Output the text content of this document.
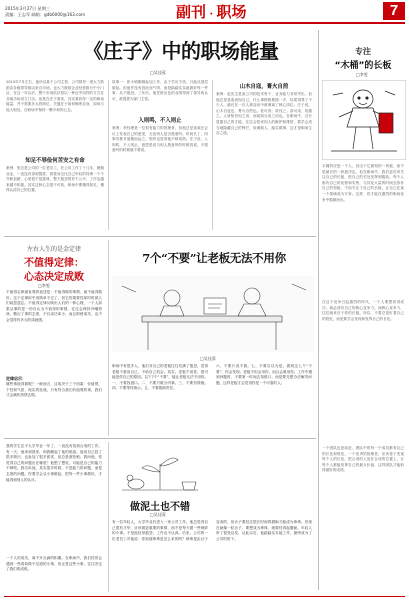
2015年3月27日 星期三
责编：王志军 邮箱：gdb6000@163.com	副刊 · 职场	7
《庄子》中的职场能量
□吴佳蓉
2015年7月左右，他所以某个公司主管，公司领导一度大力鼓励由各级领导都由来自市场，也大力鼓励企业经营推行中小门店，在这一年以后，整个市场依法将以一种近乎同样的方式在各地市场设立门店。但是在庄子看来，其实要获得一定的职场能量，并不需要多大的职位，关键在于如何修炼自身，如何与他人相处，在职场中保持一颗平和的心态。
知足不辱俭何苦安之有命
案例：张总是公司的一位老员工，在公司工作了十几年，兢兢业业，一直没有得到提拔，看着身边比自己年轻的同事一个个升职加薪，心里很不是滋味，整天抱怨领导不公平，工作也越来越不积极。其实这种心态很不可取，职场中要懂得知足，懂得认清自己的位置。
故事一：张小明刚刚参加工作，由于学历不高，只能从基层做起。但他并没有因此而气馁，而是踏踏实实地做好每一件事，从不抱怨。三年后，他凭借出色的业绩得到了领导的认可，被提拔为部门主管。
入则鸣，不入则止
案例：李经理是一位很有能力的管理者，但他总是喜欢在会议上发表自己的意见，无论别人是否愿意听。时间长了，同事们都对他敬而远之，领导也觉得他不够成熟。庄子说，入则鸣，不入则止，意思是说当别人愿意听的时候再说，不愿意听的时候就不要说。
山木自寇，膏火自煎
案例：赵先生是某公司的技术骨干，业务能力非常突出，但他总是喜欢表现自己，什么事情都要插一手，结果得罪了不少人，最后在一次人事变动中被调离了核心岗位。庄子说，山木自寇也，膏火自煎也。桂可食，故伐之；漆可用，故割之。人皆知有用之用，而莫知无用之用也。在职场中，过分显露自己的才能，往往会招来别人的嫉妒和排挤，要学会适当地隐藏自己的锋芒，低调做人，踏实做事，这才是职场生存之道。
专注
“木桶”的长板
□李雯
木桶效应是一个人，其由于它最短的一块板，而不是最长的一块板决定。但在职场中，我们更应该关注自己的长板，把自己的长处发挥到极致。每个人都有自己的优势和劣势，与其花大量的时间去弥补自己的短板，不如专注于自己的长板，让自己在某一个领域成为专家。这样，你才能在激烈的职场竞争中脱颖而出。
在这个竞争日趋激烈的时代，一个人要想获得成功，就必须有自己的核心竞争力。而核心竞争力，往往就来自于你的长板。所以，不要总是盯着自己的短处，而是要学会发现和发挥自己的长处。
一个团队也是如此，团队中的每一个成员都有自己的长处和短处，一个优秀的管理者，应该善于发现每个人的长处，把合适的人放在合适的位置上，让每个人都能发挥自己的最大价值，这样团队才能取得最好的成绩。
左右人生的是金定律
不值得定律：
心态决定成败
□李雯
不值得定律最直观的表述是：不值得做的事情，就不值得做好。这个定律似乎再简单不过了，但它的重要性却时时被人们疏忽遗忘。不值得定律反映出人们的一种心理，一个人如果从事的是一份自认为不值得的事情，往往会保持冷嘲热讽、敷衍了事的态度，不仅成功率小，而且即使成功，也不会觉得有多大的成就感。
定律启示：
哪些事值得做呢？一般而言，这取决于三个因素：价值观、个性和气质、现实的处境。只有符合我们价值观的事，我们才会满怀热情去做。
7个“不要”让老板无法不用你
□吴佳蓉
职场中有很多人，他们对自己的老板往往充满了抱怨，觉得老板不重用自己，不给自己机会。其实，老板不用你，很可能是你自己的原因。以下7个“不要”，能让老板无法不用你。一、不要找借口。二、不要只做分内事。三、不要有情绪。四、不要等待指示。五、不要推卸责任。
六、不要只说不做。七、不要自以为是。做到这七个“不要”，你会发现，老板不但会用你，而且会重用你。工作中遇到问题时，不要第一时间去找借口，而是要先想办法解决问题，这样老板才会觉得你是一个可靠的人。
我的学生还不大学毕业一年了，一直没有找到合适的工作。有一天，他来到我家，和我聊起了他的困惑。他说自己投了很多简历，也参加了很多面试，但总是被拒绝。我问他，你觉得自己的问题出在哪里？他想了想说，可能是自己的能力不够吧。我告诉他，其实很多时候，不是能力的问题，而是态度的问题。你要学会从小事做起，把每一件小事做好，才能得到别人的认可。
一个人的成功，离不开点滴的积累。在职场中，我们经常会遇到一些看似微不足道的小事，但正是这些小事，往往决定了我们的成败。
做泥土也不错
□吴佳蓉
有一位年轻人，大学毕业后进入一家公司工作。他总觉得自己很有才华，应该做更重要的事情，而不是每天做一些琐碎的小事。于是他经常抱怨，工作也不认真。后来，公司的一位老员工对他说：你知道珍珠是怎么来的吗？珍珠是由沙子变成的，但沙子要经过很长时间的磨砺才能成为珍珠。你现在就像一粒沙子，要想成为珍珠，就要经得起磨砺。年轻人听了很受启发，从此以后，他踏踏实实地工作，最终成为了公司的骨干。
